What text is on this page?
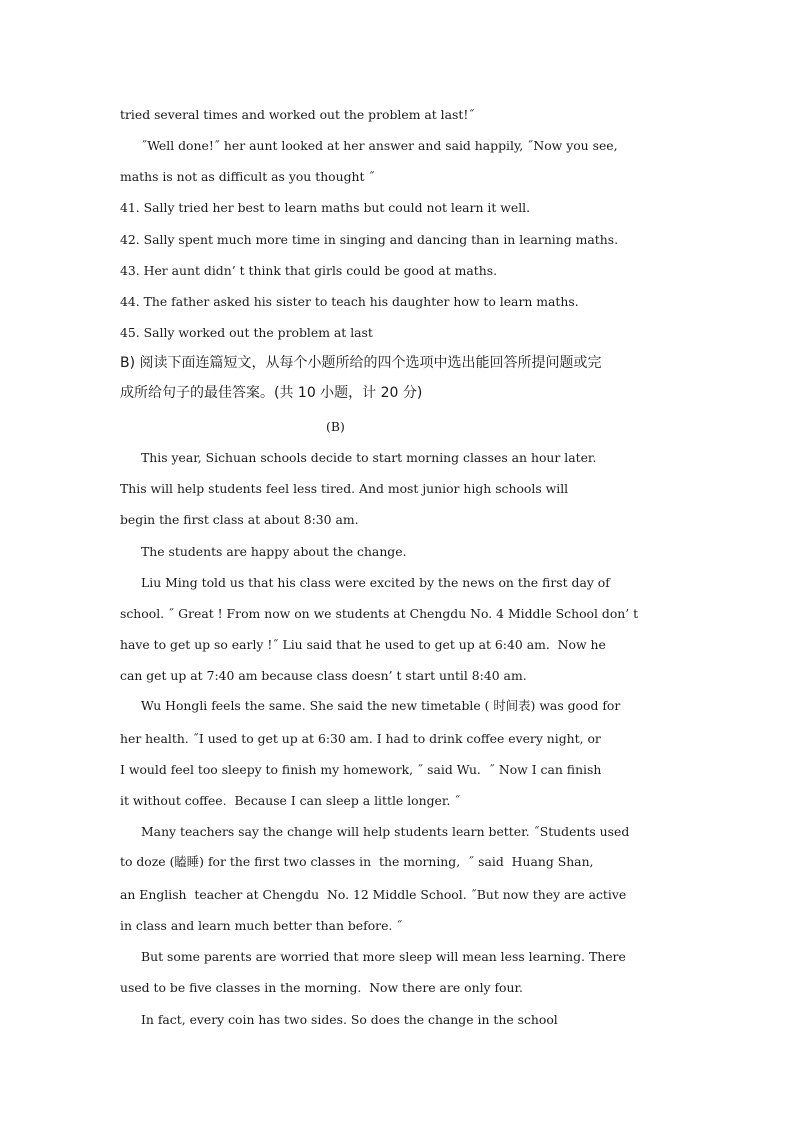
tried several times and worked out the problem at last!˝
˝Well done!˝ her aunt looked at her answer and said happily, ˝Now you see,
maths is not as difficult as you thought ˝
41. Sally tried her best to learn maths but could not learn it well.
42. Sally spent much more time in singing and dancing than in learning maths.
43. Her aunt didn’ t think that girls could be good at maths.
44. The father asked his sister to teach his daughter how to learn maths.
45. Sally worked out the problem at last
B) 阅读下面连篇短文，从每个小题所给的四个选项中选出能回答所提问题或完
成所给句子的最佳答案。(共 10 小题，计 20 分)
(B)
This year, Sichuan schools decide to start morning classes an hour later.
This will help students feel less tired. And most junior high schools will
begin the first class at about 8:30 am.
The students are happy about the change.
Liu Ming told us that his class were excited by the news on the first day of
school. ˝ Great ! From now on we students at Chengdu No. 4 Middle School don’ t
have to get up so early !˝ Liu said that he used to get up at 6:40 am.  Now he
can get up at 7:40 am because class doesn’ t start until 8:40 am.
Wu Hongli feels the same. She said the new timetable ( 时间表) was good for
her health. ˝I used to get up at 6:30 am. I had to drink coffee every night, or
I would feel too sleepy to finish my homework, ˝ said Wu.  ˝ Now I can finish
it without coffee.  Because I can sleep a little longer. ˝
Many teachers say the change will help students learn better. ˝Students used
to doze (瞌睡) for the first two classes in  the morning,  ˝ said  Huang Shan,
an English  teacher at Chengdu  No. 12 Middle School. ˝But now they are active
in class and learn much better than before. ˝
But some parents are worried that more sleep will mean less learning. There
used to be five classes in the morning.  Now there are only four.
In fact, every coin has two sides. So does the change in the school
